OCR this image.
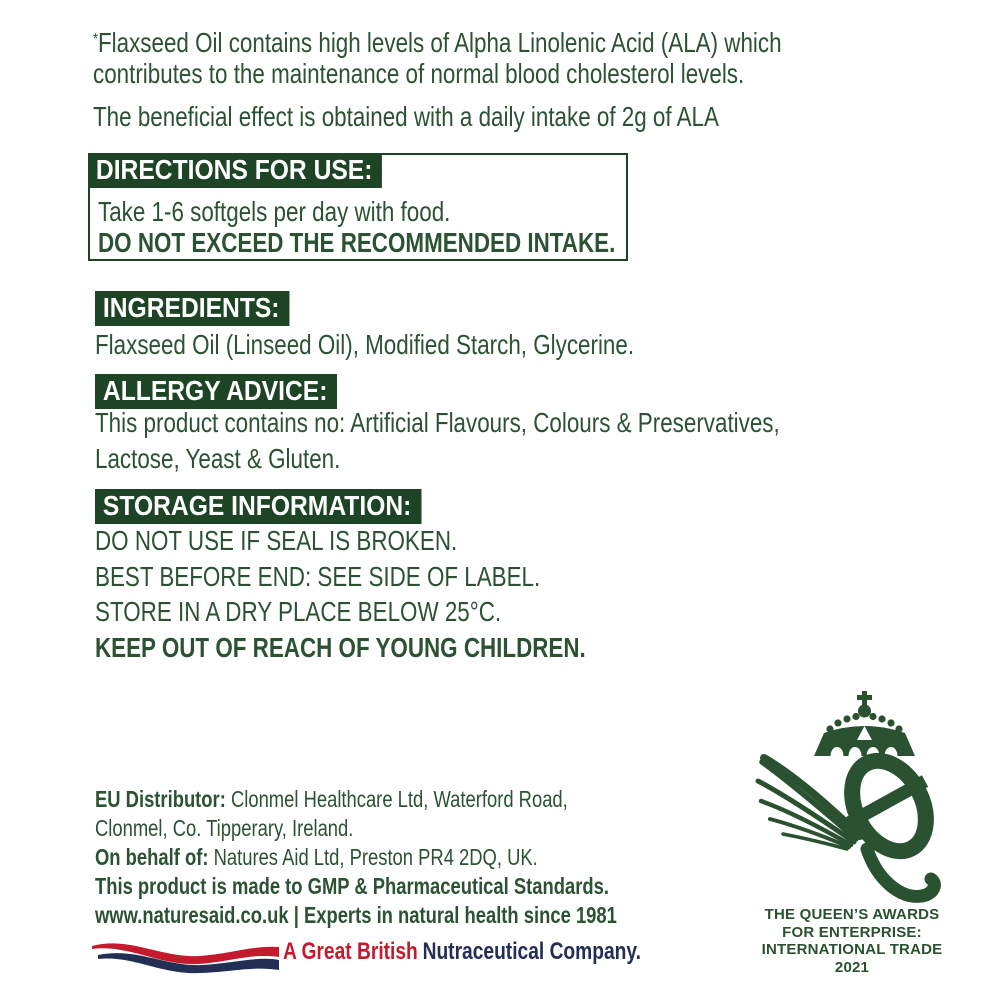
*Flaxseed Oil contains high levels of Alpha Linolenic Acid (ALA) which
contributes to the maintenance of normal blood cholesterol levels.
The beneficial effect is obtained with a daily intake of 2g of ALA
DIRECTIONS FOR USE:
Take 1-6 softgels per day with food.
DO NOT EXCEED THE RECOMMENDED INTAKE.
INGREDIENTS:
Flaxseed Oil (Linseed Oil), Modified Starch, Glycerine.
ALLERGY ADVICE:
This product contains no: Artificial Flavours, Colours & Preservatives,
Lactose, Yeast & Gluten.
STORAGE INFORMATION:
DO NOT USE IF SEAL IS BROKEN.
BEST BEFORE END: SEE SIDE OF LABEL.
STORE IN A DRY PLACE BELOW 25°C.
KEEP OUT OF REACH OF YOUNG CHILDREN.
EU Distributor: Clonmel Healthcare Ltd, Waterford Road,
Clonmel, Co. Tipperary, Ireland.
On behalf of: Natures Aid Ltd, Preston PR4 2DQ, UK.
This product is made to GMP & Pharmaceutical Standards.
www.naturesaid.co.uk | Experts in natural health since 1981
A Great British Nutraceutical Company.
THE QUEEN’S AWARDS
FOR ENTERPRISE:
INTERNATIONAL TRADE
2021
